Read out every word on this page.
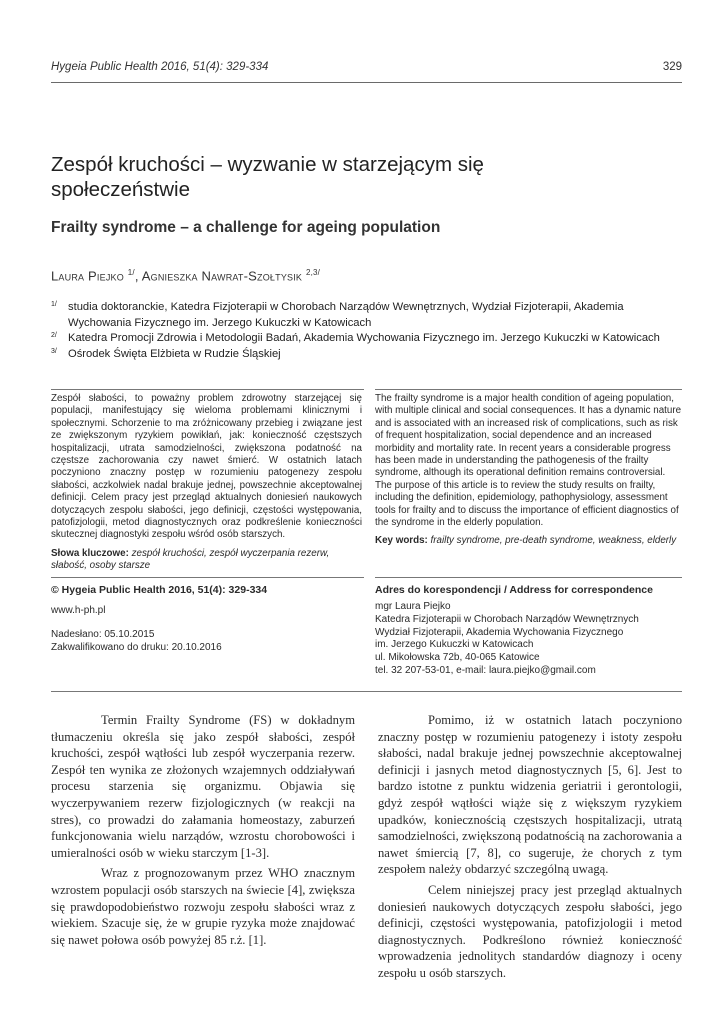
Hygeia Public Health 2016, 51(4): 329-334	329
Zespół kruchości – wyzwanie w starzejącym się
społeczeństwie
Frailty syndrome – a challenge for ageing population
Laura Piejko $^{1/}$, Agnieszka Nawrat-Szołtysik $^{2,3/}$
1/ studia doktoranckie, Katedra Fizjoterapii w Chorobach Narządów Wewnętrznych, Wydział Fizjoterapii, Akademia
Wychowania Fizycznego im. Jerzego Kukuczki w Katowicach
2/ Katedra Promocji Zdrowia i Metodologii Badań, Akademia Wychowania Fizycznego im. Jerzego Kukuczki w Katowicach
3/ Ośrodek Święta Elżbieta w Rudzie Śląskiej
Zespół słabości, to poważny problem zdrowotny starzejącej się populacji, manifestujący się wieloma problemami klinicznymi i społecznymi. Schorzenie to ma zróżnicowany przebieg i związane jest ze zwiększonym ryzykiem powikłań, jak: konieczność częstszych hospitalizacji, utrata samodzielności, zwiększona podatność na częstsze zachorowania czy nawet śmierć. W ostatnich latach poczyniono znaczny postęp w rozumieniu patogenezy zespołu słabości, aczkolwiek nadal brakuje jednej, powszechnie akceptowalnej definicji. Celem pracy jest przegląd aktualnych doniesień naukowych dotyczących zespołu słabości, jego definicji, częstości występowania, patofizjologii, metod diagnostycznych oraz podkreślenie konieczności skutecznej diagnostyki zespołu wśród osób starszych.
The frailty syndrome is a major health condition of ageing population, with multiple clinical and social consequences. It has a dynamic nature and is associated with an increased risk of complications, such as risk of frequent hospitalization, social dependence and an increased morbidity and mortality rate. In recent years a considerable progress has been made in understanding the pathogenesis of the frailty syndrome, although its operational definition remains controversial. The purpose of this article is to review the study results on frailty, including the definition, epidemiology, pathophysiology, assessment tools for frailty and to discuss the importance of efficient diagnostics of the syndrome in the elderly population.
Słowa kluczowe: zespół kruchości, zespół wyczerpania rezerw, słabość, osoby starsze
Key words: frailty syndrome, pre-death syndrome, weakness, elderly
© Hygeia Public Health 2016, 51(4): 329-334
www.h-ph.pl
Nadesłano: 05.10.2015
Zakwalifikowano do druku: 20.10.2016
Adres do korespondencji / Address for correspondence
mgr Laura Piejko
Katedra Fizjoterapii w Chorobach Narządów Wewnętrznych
Wydział Fizjoterapii, Akademia Wychowania Fizycznego
im. Jerzego Kukuczki w Katowicach
ul. Mikołowska 72b, 40-065 Katowice
tel. 32 207-53-01, e-mail: laura.piejko@gmail.com

Termin Frailty Syndrome (FS) w dokładnym tłumaczeniu określa się jako zespół słabości, zespół kruchości, zespół wątłości lub zespół wyczerpania rezerw. Zespół ten wynika ze złożonych wzajemnych oddziaływań procesu starzenia się organizmu. Objawia się wyczerpywaniem rezerw fizjologicznych (w reakcji na stres), co prowadzi do załamania homeostazy, zaburzeń funkcjonowania wielu narządów, wzrostu chorobowości i umieralności osób w wieku starczym [1-3].

Wraz z prognozowanym przez WHO znacznym wzrostem populacji osób starszych na świecie [4], zwiększa się prawdopodobieństwo rozwoju zespołu słabości wraz z wiekiem. Szacuje się, że w grupie ryzyka może znajdować się nawet połowa osób powyżej 85 r.ż. [1].

Pomimo, iż w ostatnich latach poczyniono znaczny postęp w rozumieniu patogenezy i istoty zespołu słabości, nadal brakuje jednej powszechnie akceptowalnej definicji i jasnych metod diagnostycznych [5, 6]. Jest to bardzo istotne z punktu widzenia geriatrii i gerontologii, gdyż zespół wątłości wiąże się z większym ryzykiem upadków, koniecznością częstszych hospitalizacji, utratą samodzielności, zwiększoną podatnością na zachorowania a nawet śmiercią [7, 8], co sugeruje, że chorych z tym zespołem należy obdarzyć szczególną uwagą.

Celem niniejszej pracy jest przegląd aktualnych doniesień naukowych dotyczących zespołu słabości, jego definicji, częstości występowania, patofizjologii i metod diagnostycznych. Podkreślono również konieczność wprowadzenia jednolitych standardów diagnozy i oceny zespołu u osób starszych.
